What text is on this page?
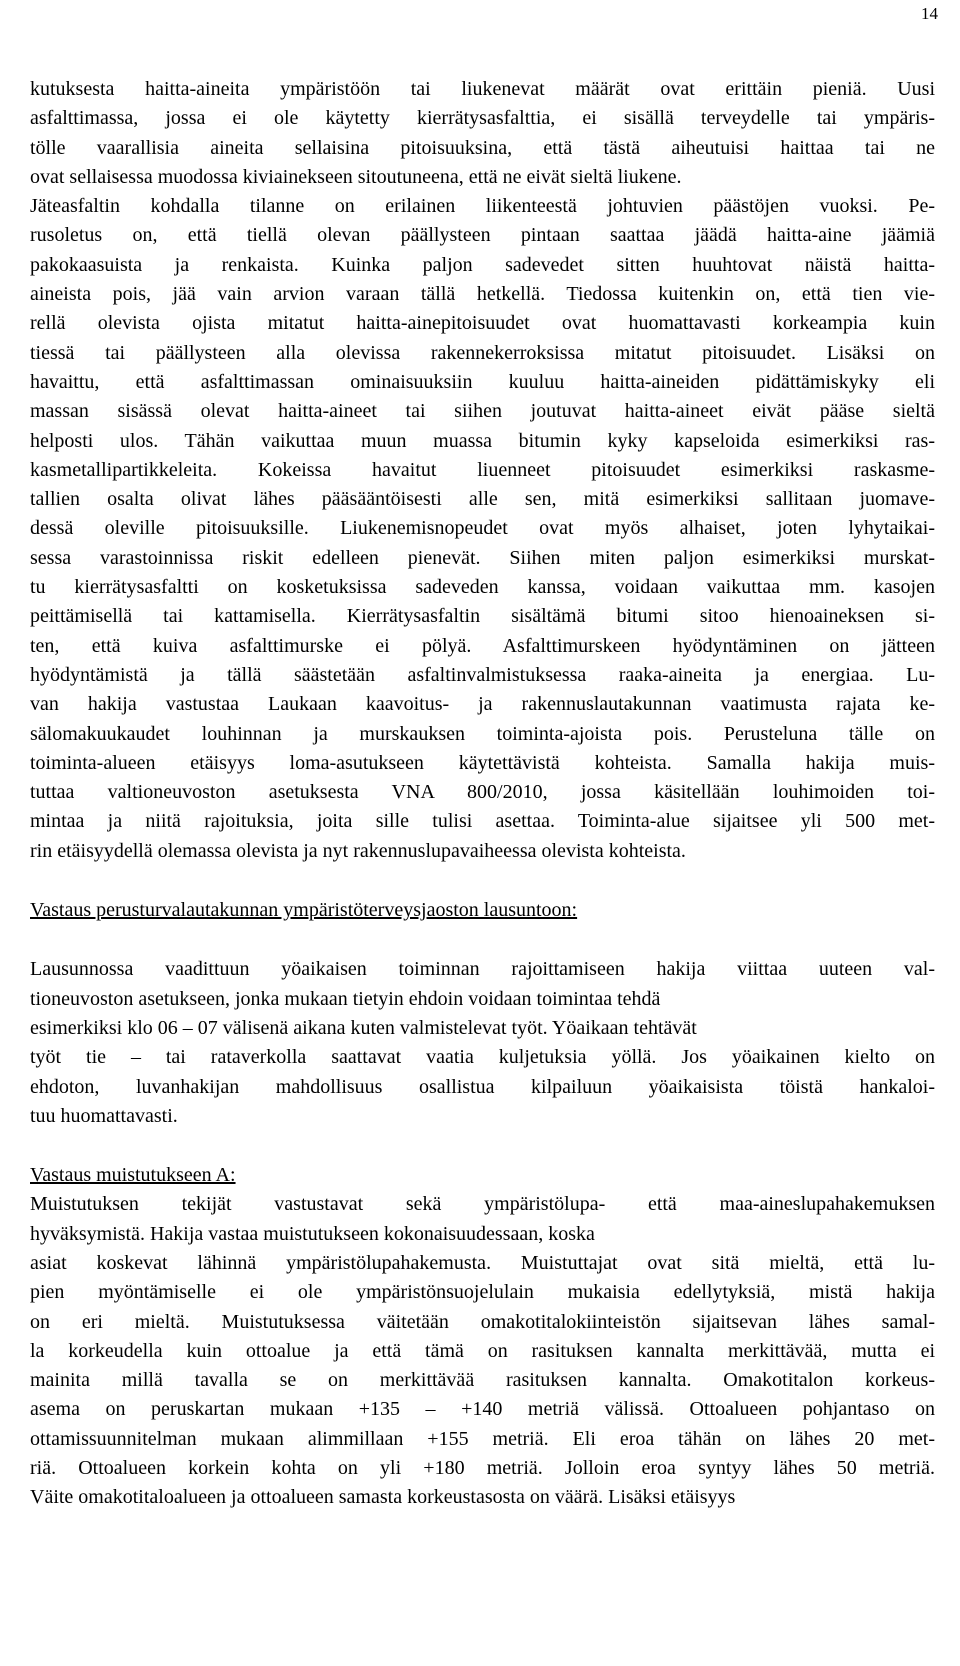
14
kutuksesta haitta-aineita ympäristöön tai liukenevat määrät ovat erittäin pieniä. Uusi
asfalttimassa, jossa ei ole käytetty kierrätysasfalttia, ei sisällä terveydelle tai ympäris-
tölle vaarallisia aineita sellaisina pitoisuuksina, että tästä aiheutuisi haittaa tai ne
ovat sellaisessa muodossa kiviainekseen sitoutuneena, että ne eivät sieltä liukene.
Jäteasfaltin kohdalla tilanne on erilainen liikenteestä johtuvien päästöjen vuoksi. Pe-
rusoletus on, että tiellä olevan päällysteen pintaan saattaa jäädä haitta-aine jäämiä
pakokaasuista ja renkaista. Kuinka paljon sadevedet sitten huuhtovat näistä haitta-
aineista pois, jää vain arvion varaan tällä hetkellä. Tiedossa kuitenkin on, että tien vie-
rellä olevista ojista mitatut haitta-ainepitoisuudet ovat huomattavasti korkeampia kuin
tiessä tai päällysteen alla olevissa rakennekerroksissa mitatut pitoisuudet. Lisäksi on
havaittu, että asfalttimassan ominaisuuksiin kuuluu haitta-aineiden pidättämiskyky eli
massan sisässä olevat haitta-aineet tai siihen joutuvat haitta-aineet eivät pääse sieltä
helposti ulos. Tähän vaikuttaa muun muassa bitumin kyky kapseloida esimerkiksi ras-
kasmetallipartikkeleita. Kokeissa havaitut liuenneet pitoisuudet esimerkiksi raskasme-
tallien osalta olivat lähes pääsääntöisesti alle sen, mitä esimerkiksi sallitaan juomave-
dessä oleville pitoisuuksille. Liukenemisnopeudet ovat myös alhaiset, joten lyhytaikai-
sessa varastoinnissa riskit edelleen pienevät. Siihen miten paljon esimerkiksi murskat-
tu kierrätysasfaltti on kosketuksissa sadeveden kanssa, voidaan vaikuttaa mm. kasojen
peittämisellä tai kattamisella. Kierrätysasfaltin sisältämä bitumi sitoo hienoaineksen si-
ten, että kuiva asfalttimurske ei pölyä. Asfalttimurskeen hyödyntäminen on jätteen
hyödyntämistä ja tällä säästetään asfaltinvalmistuksessa raaka-aineita ja energiaa. Lu-
van hakija vastustaa Laukaan kaavoitus- ja rakennuslautakunnan vaatimusta rajata ke-
sälomakuukaudet louhinnan ja murskauksen toiminta-ajoista pois. Perusteluna tälle on
toiminta-alueen etäisyys loma-asutukseen käytettävistä kohteista. Samalla hakija muis-
tuttaa valtioneuvoston asetuksesta VNA 800/2010, jossa käsitellään louhimoiden toi-
mintaa ja niitä rajoituksia, joita sille tulisi asettaa. Toiminta-alue sijaitsee yli 500 met-
rin etäisyydellä olemassa olevista ja nyt rakennuslupavaiheessa olevista kohteista.
Vastaus perusturvalautakunnan ympäristöterveysjaoston lausuntoon:
Lausunnossa vaadittuun yöaikaisen toiminnan rajoittamiseen hakija viittaa uuteen val-
tioneuvoston asetukseen, jonka mukaan tietyin ehdoin voidaan toimintaa tehdä
esimerkiksi klo 06 – 07 välisenä aikana kuten valmistelevat työt. Yöaikaan tehtävät
työt tie – tai rataverkolla saattavat vaatia kuljetuksia yöllä. Jos yöaikainen kielto on
ehdoton, luvanhakijan mahdollisuus osallistua kilpailuun yöaikaisista töistä hankaloi-
tuu huomattavasti.
Vastaus muistutukseen A:
Muistutuksen tekijät vastustavat sekä ympäristölupa- että maa-aineslupahakemuksen
hyväksymistä. Hakija vastaa muistutukseen kokonaisuudessaan, koska
asiat koskevat lähinnä ympäristölupahakemusta. Muistuttajat ovat sitä mieltä, että lu-
pien myöntämiselle ei ole ympäristönsuojelulain mukaisia edellytyksiä, mistä hakija
on eri mieltä. Muistutuksessa väitetään omakotitalokiinteistön sijaitsevan lähes samal-
la korkeudella kuin ottoalue ja että tämä on rasituksen kannalta merkittävää, mutta ei
mainita millä tavalla se on merkittävää rasituksen kannalta. Omakotitalon korkeus-
asema on peruskartan mukaan +135 – +140 metriä välissä. Ottoalueen pohjantaso on
ottamissuunnitelman mukaan alimmillaan +155 metriä. Eli eroa tähän on lähes 20 met-
riä. Ottoalueen korkein kohta on yli +180 metriä. Jolloin eroa syntyy lähes 50 metriä.
Väite omakotitaloalueen ja ottoalueen samasta korkeustasosta on väärä. Lisäksi etäisyys
